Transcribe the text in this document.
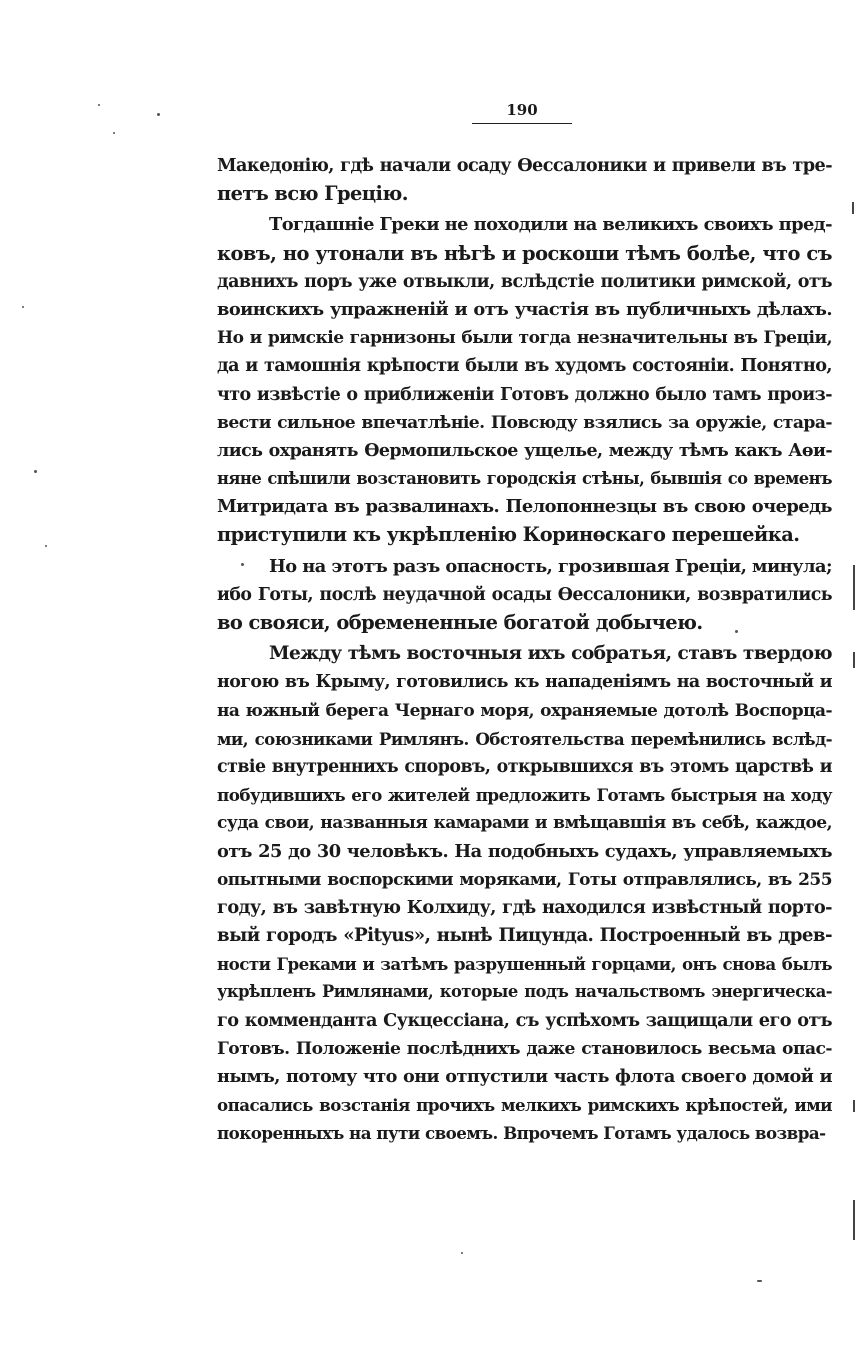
190
Македонію, гдѣ начали осаду Өессалоники и привели въ тре-
петъ всю Грецію.
Тогдашніе Греки не походили на великихъ своихъ пред-
ковъ, но утонали въ нѣгѣ и роскоши тѣмъ болѣе, что съ
давнихъ поръ уже отвыкли, вслѣдстіе политики римской, отъ
воинскихъ упражненій и отъ участія въ публичныхъ дѣлахъ.
Но и римскіе гарнизоны были тогда незначительны въ Греціи,
да и тамошнія крѣпости были въ худомъ состояніи. Понятно,
что извѣстіе о приближеніи Готовъ должно было тамъ произ-
вести сильное впечатлѣніе. Повсюду взялись за оружіе, стара-
лись охранять Өермопильское ущелье, между тѣмъ какъ Аөи-
няне спѣшили возстановить городскія стѣны, бывшія со временъ
Митридата въ развалинахъ. Пелопоннезцы въ свою очередь
приступили къ укрѣпленію Коринөскаго перешейка.
Но на этотъ разъ опасность, грозившая Греціи, минула;
ибо Готы, послѣ неудачной осады Өессалоники, возвратились
во свояси, обремененные богатой добычею.
Между тѣмъ восточныя ихъ собратья, ставъ твердою
ногою въ Крыму, готовились къ нападеніямъ на восточный и
на южный берега Чернаго моря, охраняемые дотолѣ Воспорца-
ми, союзниками Римлянъ. Обстоятельства перемѣнились вслѣд-
ствіе внутреннихъ споровъ, открывшихся въ этомъ царствѣ и
побудившихъ его жителей предложить Готамъ быстрыя на ходу
суда свои, названныя камарами и вмѣщавшія въ себѣ, каждое,
отъ 25 до 30 человѣкъ. На подобныхъ судахъ, управляемыхъ
опытными воспорскими моряками, Готы отправлялись, въ 255
году, въ завѣтную Колхиду, гдѣ находился извѣстный порто-
вый городъ «Pityus», нынѣ Пицунда. Построенный въ древ-
ности Греками и затѣмъ разрушенный горцами, онъ снова былъ
укрѣпленъ Римлянами, которые подъ начальствомъ энергическа-
го коммендантa Сукцессіана, съ успѣхомъ защищали его отъ
Готовъ. Положеніе послѣднихъ даже становилось весьма опас-
нымъ, потому что они отпустили часть флота своего домой и
опасались возстанія прочихъ мелкихъ римскихъ крѣпостей, ими
покоренныхъ на пути своемъ. Впрочемъ Готамъ удалось возвра-
